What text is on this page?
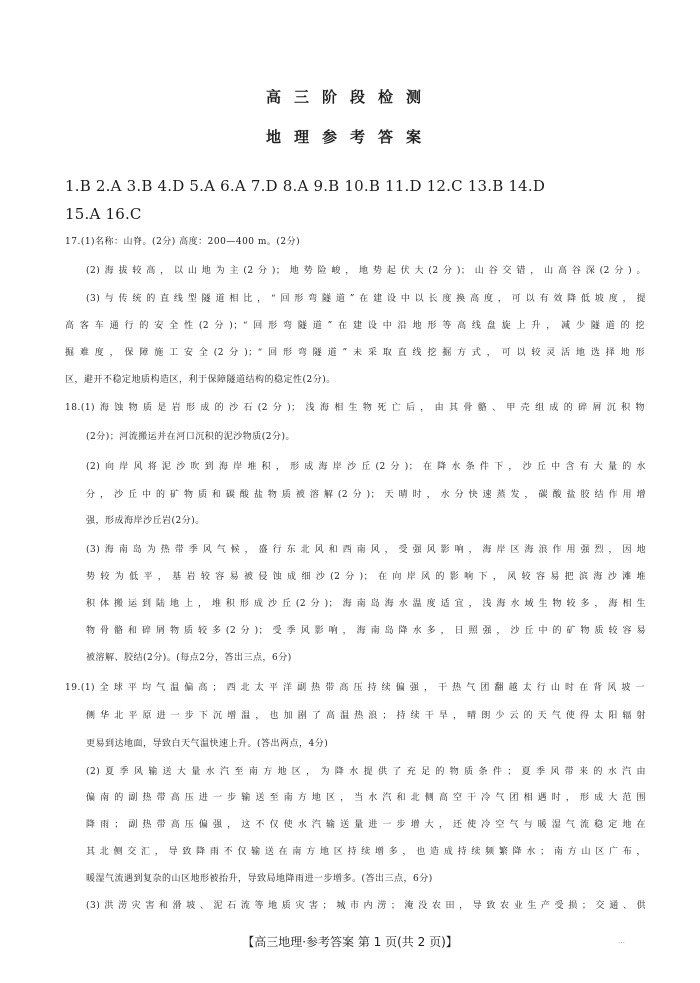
高三阶段检测
地理参考答案
1.B 2.A 3.B 4.D 5.A 6.A 7.D 8.A 9.B 10.B 11.D 12.C 13.B 14.D
15.A 16.C
17.(1)名称：山脊。(2分) 高度：200—400 m。(2分)
(2)海拔较高，以山地为主(2分)；地势险峻，地势起伏大(2分)；山谷交错，山高谷深(2分)。
(3)与传统的直线型隧道相比，“回形弯隧道”在建设中以长度换高度，可以有效降低坡度，提
高客车通行的安全性(2分)；“回形弯隧道”在建设中沿地形等高线盘旋上升，减少隧道的挖
掘难度，保障施工安全(2分)；“回形弯隧道”未采取直线挖掘方式，可以较灵活地选择地形
区，避开不稳定地质构造区，利于保障隧道结构的稳定性(2分)。
18.(1)海蚀物质是岩形成的沙石(2分)；浅海相生物死亡后，由其骨骼、甲壳组成的碎屑沉积物
(2分)；河流搬运并在河口沉积的泥沙物质(2分)。
(2)向岸风将泥沙吹到海岸堆积，形成海岸沙丘(2分)；在降水条件下，沙丘中含有大量的水
分，沙丘中的矿物质和碳酸盐物质被溶解(2分)；天晴时，水分快速蒸发，碳酸盐胶结作用增
强，形成海岸沙丘岩(2分)。
(3)海南岛为热带季风气候，盛行东北风和西南风，受强风影响，海岸区海浪作用强烈，因地
势较为低平，基岩较容易被侵蚀成细沙(2分)；在向岸风的影响下，风较容易把滨海沙滩堆
积体搬运到陆地上，堆积形成沙丘(2分)；海南岛海水温度适宜，浅海水域生物较多，海相生
物骨骼和碎屑物质较多(2分)；受季风影响，海南岛降水多，日照强，沙丘中的矿物质较容易
被溶解、胶结(2分)。(每点2分，答出三点，6分)
19.(1)全球平均气温偏高；西北太平洋副热带高压持续偏强，干热气团翻越太行山时在背风坡一
侧华北平原进一步下沉增温，也加剧了高温热浪；持续干旱，晴朗少云的天气使得太阳辐射
更易到达地面，导致白天气温快速上升。(答出两点，4分)
(2)夏季风输送大量水汽至南方地区，为降水提供了充足的物质条件；夏季风带来的水汽由
偏南的副热带高压进一步输送至南方地区，当水汽和北侧高空干冷气团相遇时，形成大范围
降雨；副热带高压偏强，这不仅使水汽输送量进一步增大，还使冷空气与暖湿气流稳定地在
其北侧交汇，导致降雨不仅输送在南方地区持续增多，也造成持续频繁降水；南方山区广布，
暖湿气流遇到复杂的山区地形被抬升，导致局地降雨进一步增多。(答出三点，6分)
(3)洪涝灾害和滑坡、泥石流等地质灾害；城市内涝；淹没农田，导致农业生产受损；交通、供
【高三地理·参考答案 第 1 页(共 2 页)】	…
